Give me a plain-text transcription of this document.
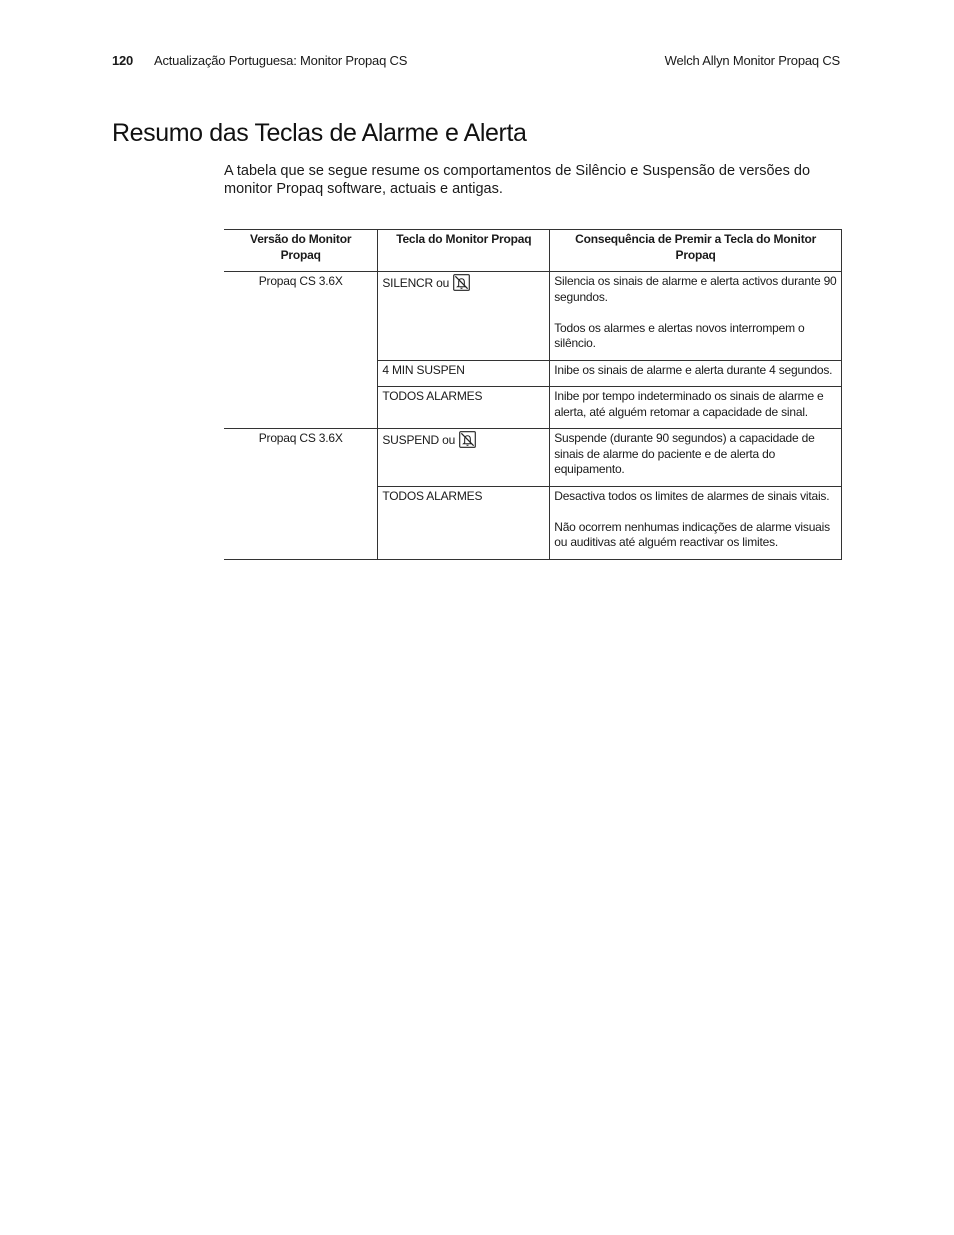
120 Actualização Portuguesa: Monitor Propaq CS	Welch Allyn Monitor Propaq CS
Resumo das Teclas de Alarme e Alerta

A tabela que se segue resume os comportamentos de Silêncio e Suspensão de versões do monitor Propaq software, actuais e antigas.

Versão do Monitor Propaq	Tecla do Monitor Propaq	Consequência de Premir a Tecla do Monitor Propaq
Propaq CS 3.6X	SILENCR ou	Silencia os sinais de alarme e alerta activos durante 90 segundos.

Todos os alarmes e alertas novos interrompem o silêncio.

	4 MIN SUSPEN	Inibe os sinais de alarme e alerta durante 4 segundos.

	TODOS ALARMES	Inibe por tempo indeterminado os sinais de alarme e alerta, até alguém retomar a capacidade de sinal.

Propaq CS 3.6X	SUSPEND ou	Suspende (durante 90 segundos) a capacidade de sinais de alarme do paciente e de alerta do equipamento.

	TODOS ALARMES	Desactiva todos os limites de alarmes de sinais vitais.

Não ocorrem nenhumas indicações de alarme visuais ou auditivas até alguém reactivar os limites.
